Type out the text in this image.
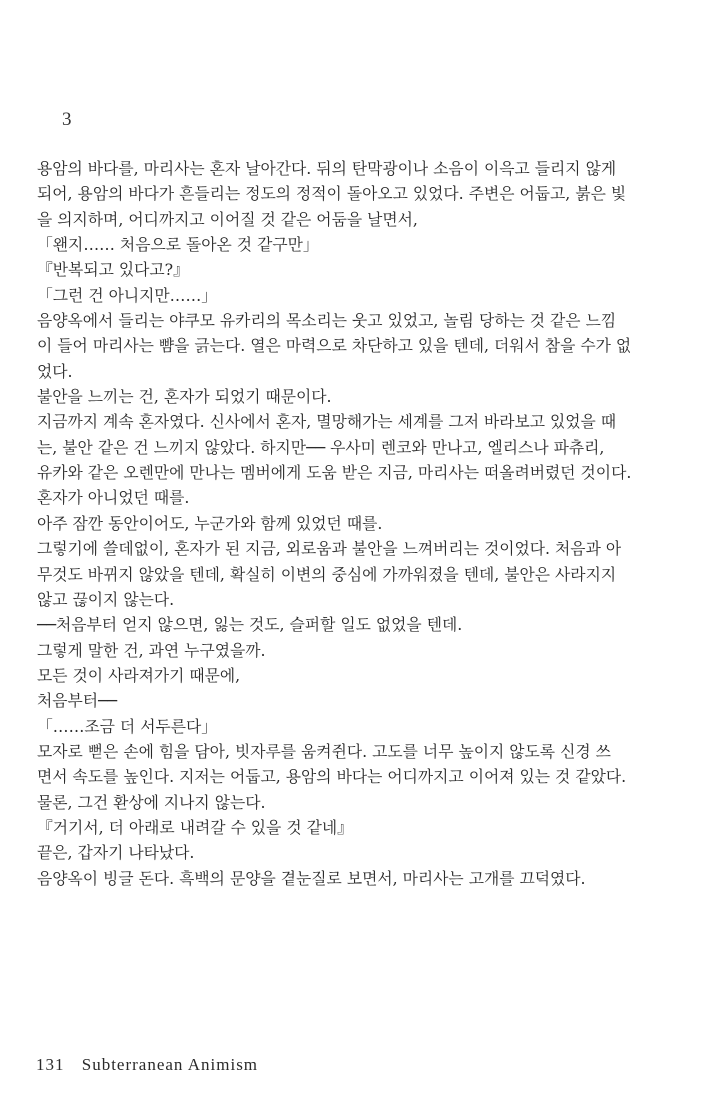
3

용암의 바다를, 마리사는 혼자 날아간다. 뒤의 탄막광이나 소음이 이윽고 들리지 않게

되어, 용암의 바다가 흔들리는 정도의 정적이 돌아오고 있었다. 주변은 어둡고, 붉은 빛

을 의지하며, 어디까지고 이어질 것 같은 어둠을 날면서,

「왠지…… 처음으로 돌아온 것 같구만」

『반복되고 있다고?』

「그런 건 아니지만……」

음양옥에서 들리는 야쿠모 유카리의 목소리는 웃고 있었고, 놀림 당하는 것 같은 느낌

이 들어 마리사는 뺨을 긁는다. 열은 마력으로 차단하고 있을 텐데, 더워서 참을 수가 없

었다.

불안을 느끼는 건, 혼자가 되었기 때문이다.

지금까지 계속 혼자였다. 신사에서 혼자, 멸망해가는 세계를 그저 바라보고 있었을 때

는, 불안 같은 건 느끼지 않았다. 하지만── 우사미 렌코와 만나고, 엘리스나 파츄리,

유카와 같은 오렌만에 만나는 멤버에게 도움 받은 지금, 마리사는 떠올려버렸던 것이다.

혼자가 아니었던 때를.

아주 잠깐 동안이어도, 누군가와 함께 있었던 때를.

그렇기에 쓸데없이, 혼자가 된 지금, 외로움과 불안을 느껴버리는 것이었다. 처음과 아

무것도 바뀌지 않았을 텐데, 확실히 이변의 중심에 가까워졌을 텐데, 불안은 사라지지

않고 끊이지 않는다.

──처음부터 얻지 않으면, 잃는 것도, 슬퍼할 일도 없었을 텐데.

그렇게 말한 건, 과연 누구였을까.

모든 것이 사라져가기 때문에,

처음부터──

「……조금 더 서두른다」

모자로 뻗은 손에 힘을 담아, 빗자루를 움켜쥔다. 고도를 너무 높이지 않도록 신경 쓰

면서 속도를 높인다. 지저는 어둡고, 용암의 바다는 어디까지고 이어져 있는 것 같았다.

물론, 그건 환상에 지나지 않는다.

『거기서, 더 아래로 내려갈 수 있을 것 같네』

끝은, 갑자기 나타났다.

음양옥이 빙글 돈다. 흑백의 문양을 곁눈질로 보면서, 마리사는 고개를 끄덕였다.

131 Subterranean Animism
